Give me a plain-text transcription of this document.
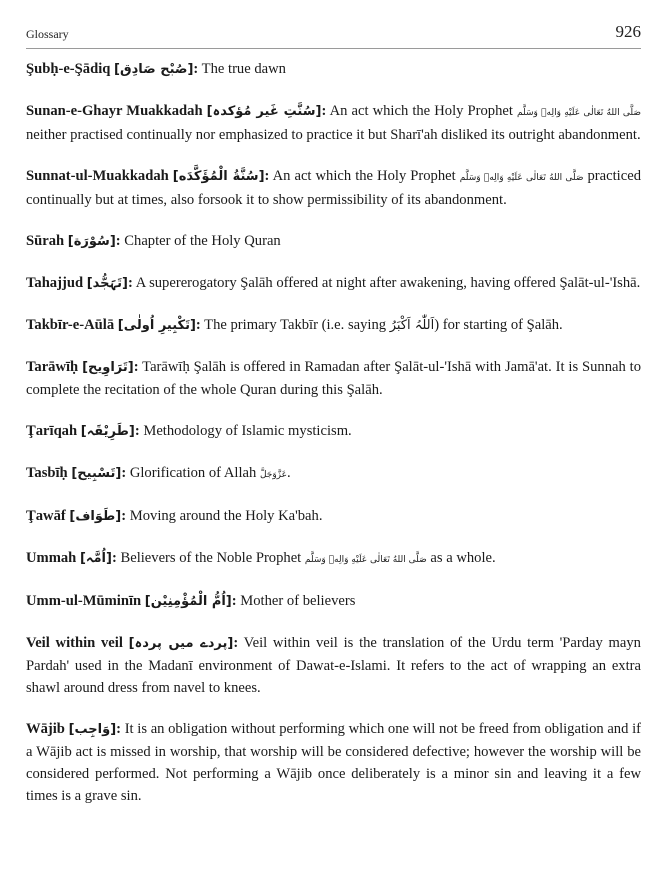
Glossary	926

Şubḥ-e-Şādiq [صُبْح صَادِق]: The true dawn

Sunan-e-Ghayr Muakkadah [سُنَّتِ غَیر مُؤکدہ]: An act which the Holy Prophet صَلَّى اللهُ تَعَالٰى عَلَيْهِ وَالِهٖ وَسَلَّم neither practised continually nor emphasized to practice it but Sharī'ah disliked its outright abandonment.

Sunnat-ul-Muakkadah [سُنَّةُ الْمُؤَكَّدَه]: An act which the Holy Prophet صَلَّى اللهُ تَعَالٰى عَلَيْهِ وَالِهٖ وَسَلَّم practiced continually but at times, also forsook it to show permissibility of its abandonment.

Sūrah [سُوْرَة]: Chapter of the Holy Quran

Tahajjud [تَہَجُّد]: A supererogatory Şalāh offered at night after awakening, having offered Şalāt-ul-'Ishā.

Takbīr-e-Aūlā [تَکْبِیرِ اُولٰی]: The primary Takbīr (i.e. saying اَللّٰہُ اَکْبَرُ) for starting of Şalāh.

Tarāwīḥ [تَرَاوِیح]: Tarāwīḥ Şalāh is offered in Ramadan after Şalāt-ul-'Ishā with Jamā'at. It is Sunnah to complete the recitation of the whole Quran during this Şalāh.

Ţarīqah [طَرِیْقَہ]: Methodology of Islamic mysticism.

Tasbīḥ [تَسْبِیح]: Glorification of Allah عَزَّوَجَلَّ.

Ţawāf [طَوَاف]: Moving around the Holy Ka'bah.

Ummah [اُمَّہ]: Believers of the Noble Prophet صَلَّى اللهُ تَعَالٰى عَلَيْهِ وَالِهٖ وَسَلَّم as a whole.

Umm-ul-Mūminīn [اُمُّ الْمُؤْمِنِیْن]: Mother of believers

Veil within veil [پردے میں پردہ]: Veil within veil is the translation of the Urdu term 'Parday mayn Pardah' used in the Madanī environment of Dawat-e-Islami. It refers to the act of wrapping an extra shawl around dress from navel to knees.

Wājib [وَاجِب]: It is an obligation without performing which one will not be freed from obligation and if a Wājib act is missed in worship, that worship will be considered defective; however the worship will be considered performed. Not performing a Wājib once deliberately is a minor sin and leaving it a few times is a grave sin.
